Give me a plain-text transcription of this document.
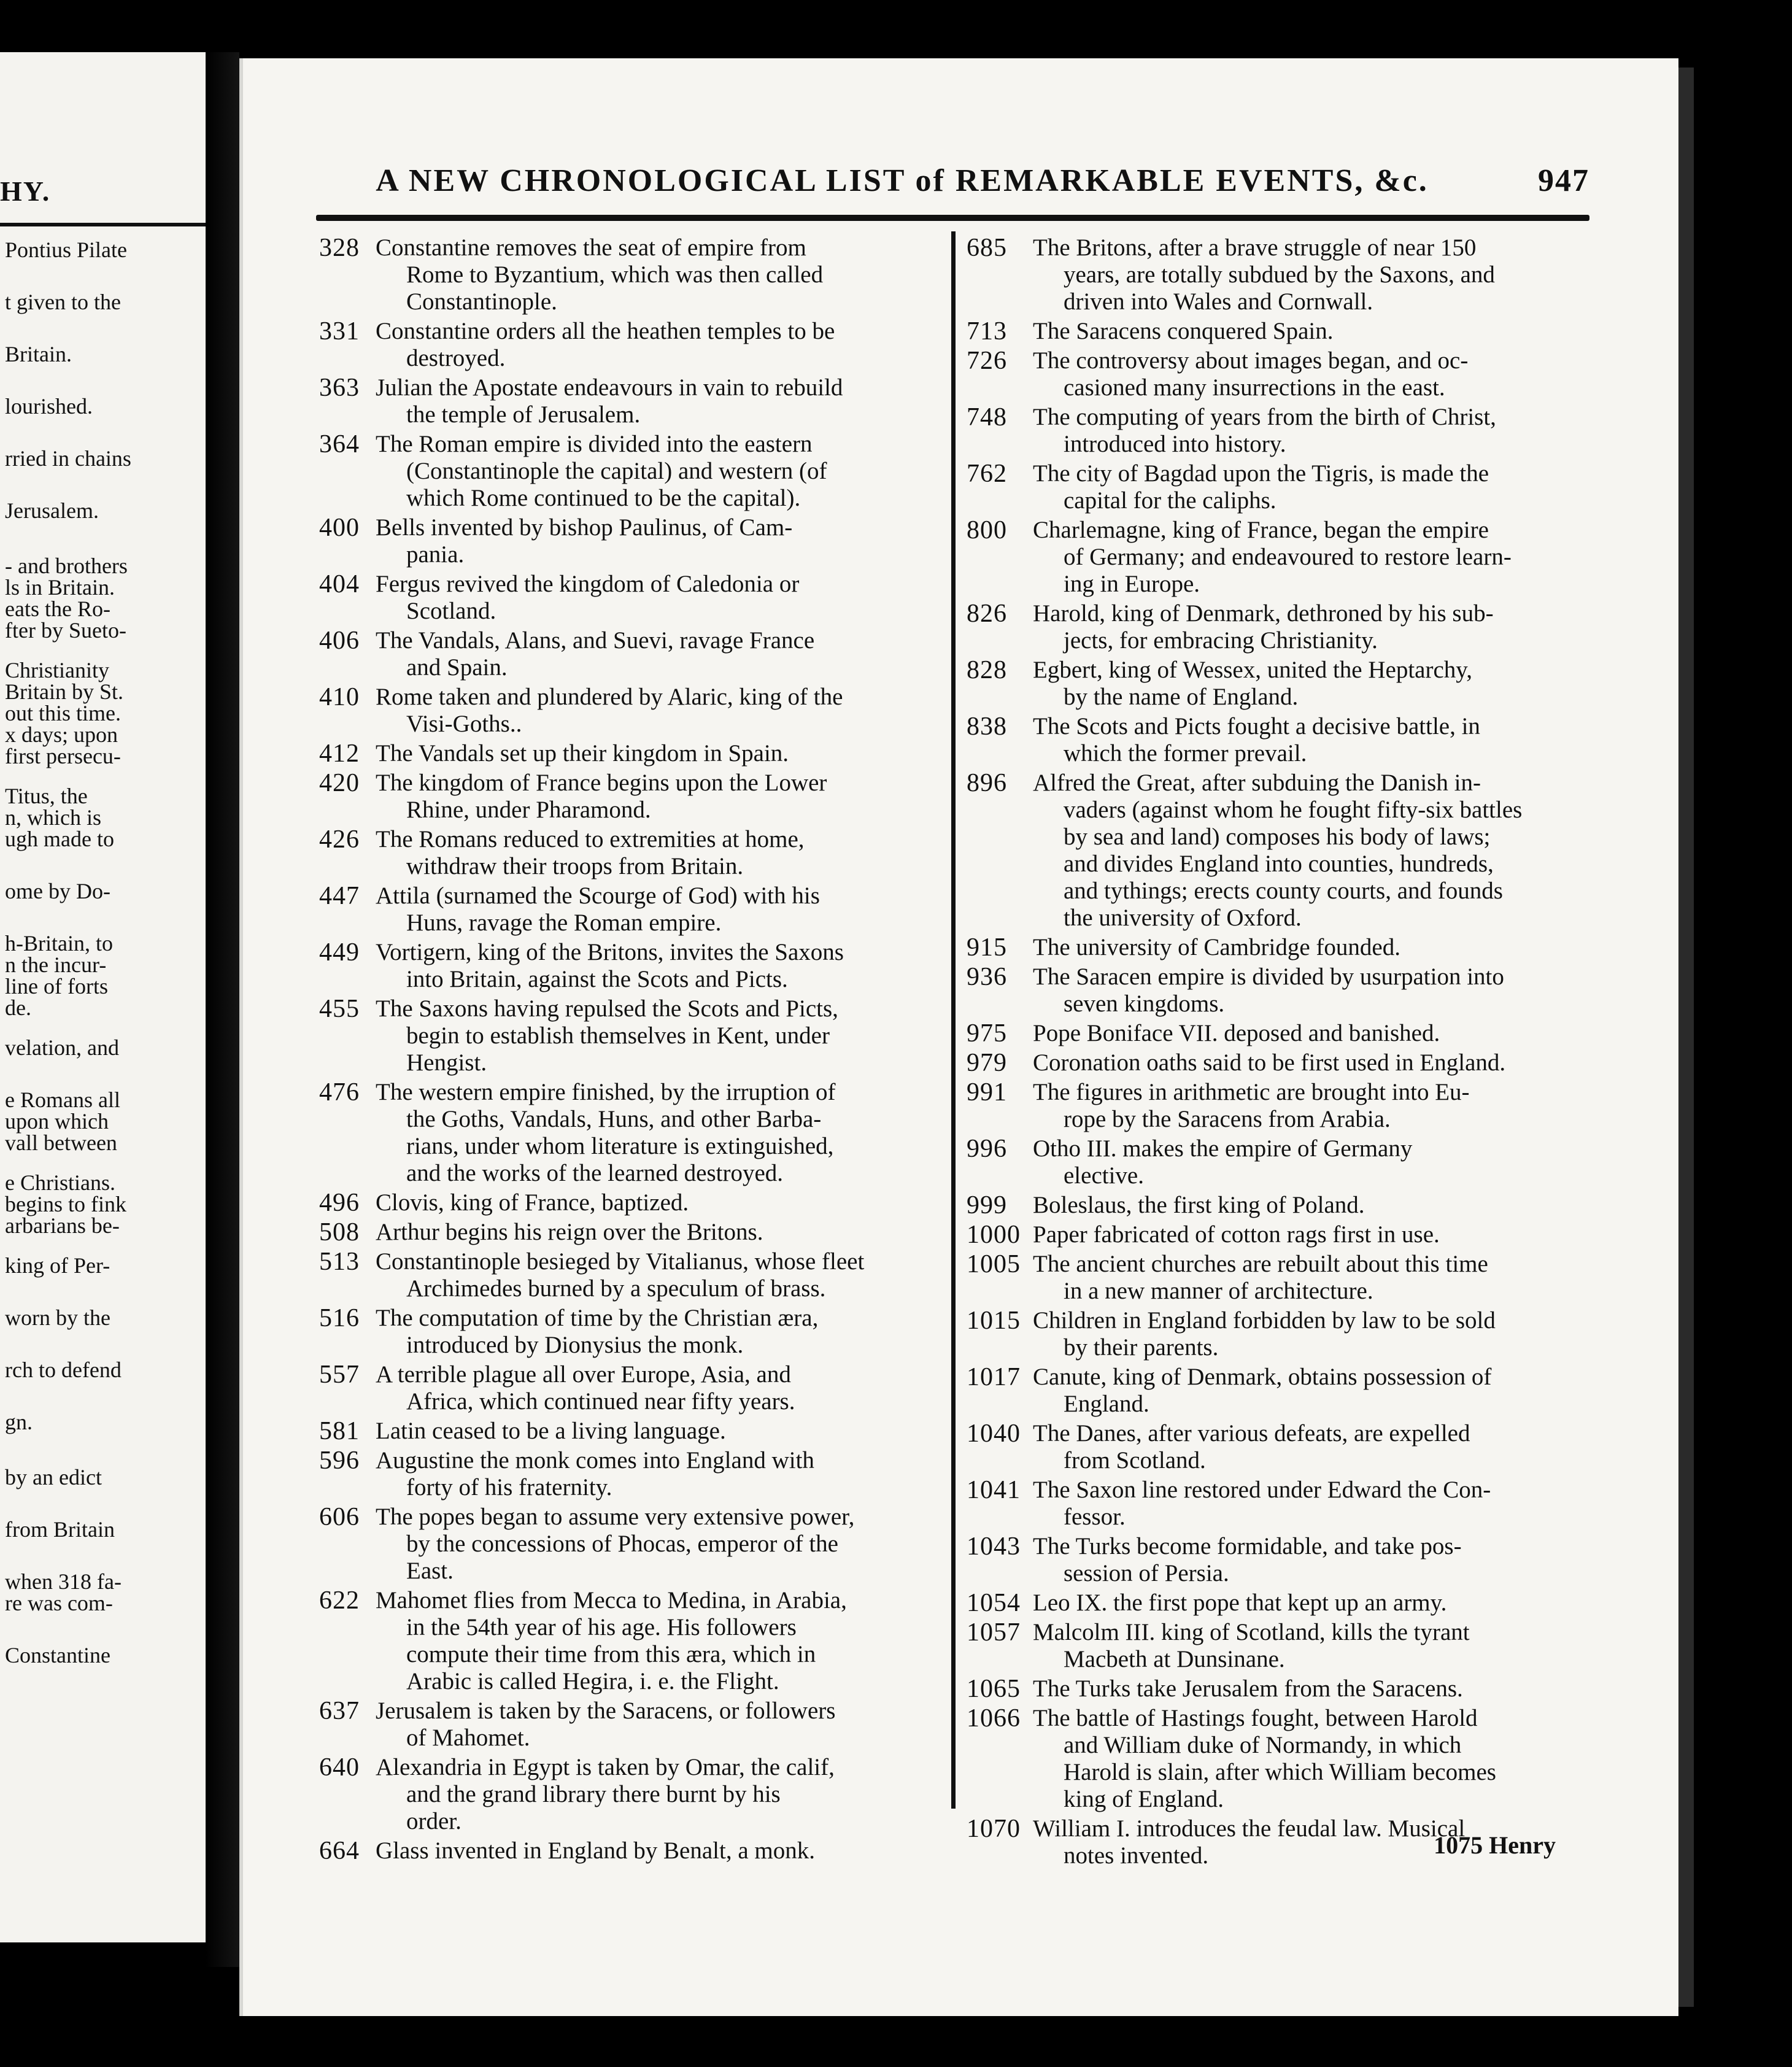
HY.
Pontius Pilate
t given to the
Britain.
lourished.
rried in chains
Jerusalem.
- and brothers
ls in Britain.
eats the Ro-
fter by Sueto-
Christianity
Britain by St.
out this time.
x days; upon
first persecu-
Titus, the
n, which is
ugh made to
ome by Do-
h-Britain, to
n the incur-
line of forts
de.
velation, and
e Romans all
upon which
vall between
e Christians.
begins to fink
arbarians be-
king of Per-
worn by the
rch to defend
gn.
by an edict
from Britain
when 318 fa-
re was com-
Constantine
A NEW CHRONOLOGICAL LIST of REMARKABLE EVENTS, &c.	947
328 Constantine removes the seat of empire from
Rome to Byzantium, which was then called
Constantinople.
331 Constantine orders all the heathen temples to be
destroyed.
363 Julian the Apostate endeavours in vain to rebuild
the temple of Jerusalem.
364 The Roman empire is divided into the eastern
(Constantinople the capital) and western (of
which Rome continued to be the capital).
400 Bells invented by bishop Paulinus, of Cam-
pania.
404 Fergus revived the kingdom of Caledonia or
Scotland.
406 The Vandals, Alans, and Suevi, ravage France
and Spain.
410 Rome taken and plundered by Alaric, king of the
Visi-Goths..
412 The Vandals set up their kingdom in Spain.
420 The kingdom of France begins upon the Lower
Rhine, under Pharamond.
426 The Romans reduced to extremities at home,
withdraw their troops from Britain.
447 Attila (surnamed the Scourge of God) with his
Huns, ravage the Roman empire.
449 Vortigern, king of the Britons, invites the Saxons
into Britain, against the Scots and Picts.
455 The Saxons having repulsed the Scots and Picts,
begin to establish themselves in Kent, under
Hengist.
476 The western empire finished, by the irruption of
the Goths, Vandals, Huns, and other Barba-
rians, under whom literature is extinguished,
and the works of the learned destroyed.
496 Clovis, king of France, baptized.
508 Arthur begins his reign over the Britons.
513 Constantinople besieged by Vitalianus, whose fleet
Archimedes burned by a speculum of brass.
516 The computation of time by the Christian æra,
introduced by Dionysius the monk.
557 A terrible plague all over Europe, Asia, and
Africa, which continued near fifty years.
581 Latin ceased to be a living language.
596 Augustine the monk comes into England with
forty of his fraternity.
606 The popes began to assume very extensive power,
by the concessions of Phocas, emperor of the
East.
622 Mahomet flies from Mecca to Medina, in Arabia,
in the 54th year of his age. His followers
compute their time from this æra, which in
Arabic is called Hegira, i. e. the Flight.
637 Jerusalem is taken by the Saracens, or followers
of Mahomet.
640 Alexandria in Egypt is taken by Omar, the calif,
and the grand library there burnt by his
order.
664 Glass invented in England by Benalt, a monk.
685 The Britons, after a brave struggle of near 150
years, are totally subdued by the Saxons, and
driven into Wales and Cornwall.
713 The Saracens conquered Spain.
726 The controversy about images began, and oc-
casioned many insurrections in the east.
748 The computing of years from the birth of Christ,
introduced into history.
762 The city of Bagdad upon the Tigris, is made the
capital for the caliphs.
800 Charlemagne, king of France, began the empire
of Germany; and endeavoured to restore learn-
ing in Europe.
826 Harold, king of Denmark, dethroned by his sub-
jects, for embracing Christianity.
828 Egbert, king of Wessex, united the Heptarchy,
by the name of England.
838 The Scots and Picts fought a decisive battle, in
which the former prevail.
896 Alfred the Great, after subduing the Danish in-
vaders (against whom he fought fifty-six battles
by sea and land) composes his body of laws;
and divides England into counties, hundreds,
and tythings; erects county courts, and founds
the university of Oxford.
915 The university of Cambridge founded.
936 The Saracen empire is divided by usurpation into
seven kingdoms.
975 Pope Boniface VII. deposed and banished.
979 Coronation oaths said to be first used in England.
991 The figures in arithmetic are brought into Eu-
rope by the Saracens from Arabia.
996 Otho III. makes the empire of Germany
elective.
999 Boleslaus, the first king of Poland.
1000 Paper fabricated of cotton rags first in use.
1005 The ancient churches are rebuilt about this time
in a new manner of architecture.
1015 Children in England forbidden by law to be sold
by their parents.
1017 Canute, king of Denmark, obtains possession of
England.
1040 The Danes, after various defeats, are expelled
from Scotland.
1041 The Saxon line restored under Edward the Con-
fessor.
1043 The Turks become formidable, and take pos-
session of Persia.
1054 Leo IX. the first pope that kept up an army.
1057 Malcolm III. king of Scotland, kills the tyrant
Macbeth at Dunsinane.
1065 The Turks take Jerusalem from the Saracens.
1066 The battle of Hastings fought, between Harold
and William duke of Normandy, in which
Harold is slain, after which William becomes
king of England.
1070 William I. introduces the feudal law. Musical
notes invented.	1075 Henry
